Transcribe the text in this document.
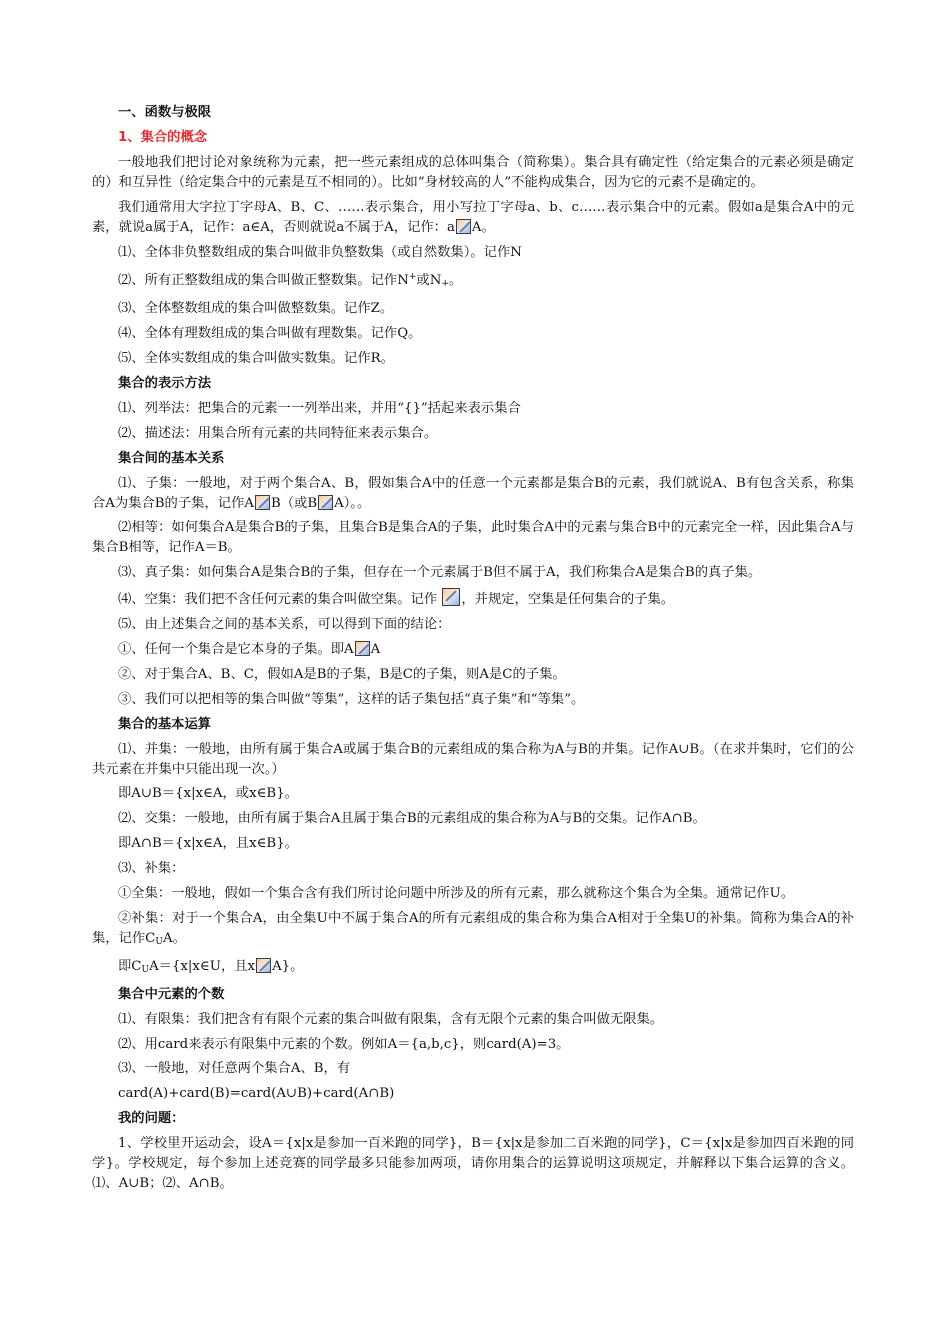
一、函数与极限
1、集合的概念
一般地我们把讨论对象统称为元素，把一些元素组成的总体叫集合（简称集）。集合具有确定性（给定集合的元素必须是确定的）和互异性（给定集合中的元素是互不相同的）。比如“身材较高的人”不能构成集合，因为它的元素不是确定的。
我们通常用大字拉丁字母A、B、C、……表示集合，用小写拉丁字母a、b、c……表示集合中的元素。假如a是集合A中的元素，就说a属于A，记作：a∈A，否则就说a不属于A，记作：a A。
⑴、全体非负整数组成的集合叫做非负整数集（或自然数集）。记作N
⑵、所有正整数组成的集合叫做正整数集。记作N+或$N_+$。
⑶、全体整数组成的集合叫做整数集。记作Z。
⑷、全体有理数组成的集合叫做有理数集。记作Q。
⑸、全体实数组成的集合叫做实数集。记作R。
集合的表示方法
⑴、列举法：把集合的元素一一列举出来，并用“{}”括起来表示集合
⑵、描述法：用集合所有元素的共同特征来表示集合。
集合间的基本关系
⑴、子集：一般地，对于两个集合A、B，假如集合A中的任意一个元素都是集合B的元素，我们就说A、B有包含关系，称集合A为集合B的子集，记作A B（或B A）。。
⑵相等：如何集合A是集合B的子集，且集合B是集合A的子集，此时集合A中的元素与集合B中的元素完全一样，因此集合A与集合B相等，记作A＝B。
⑶、真子集：如何集合A是集合B的子集，但存在一个元素属于B但不属于A，我们称集合A是集合B的真子集。
⑷、空集：我们把不含任何元素的集合叫做空集。记作 ，并规定，空集是任何集合的子集。
⑸、由上述集合之间的基本关系，可以得到下面的结论：
①、任何一个集合是它本身的子集。即A A
②、对于集合A、B、C，假如A是B的子集，B是C的子集，则A是C的子集。
③、我们可以把相等的集合叫做“等集”，这样的话子集包括“真子集”和“等集”。
集合的基本运算
⑴、并集：一般地，由所有属于集合A或属于集合B的元素组成的集合称为A与B的并集。记作A∪B。（在求并集时，它们的公共元素在并集中只能出现一次。）
即A∪B＝{x|x∈A，或x∈B}。
⑵、交集：一般地，由所有属于集合A且属于集合B的元素组成的集合称为A与B的交集。记作A∩B。
即A∩B＝{x|x∈A，且x∈B}。
⑶、补集：
①全集：一般地，假如一个集合含有我们所讨论问题中所涉及的所有元素，那么就称这个集合为全集。通常记作U。
②补集：对于一个集合A，由全集U中不属于集合A的所有元素组成的集合称为集合A相对于全集U的补集。简称为集合A的补集，记作$C_UA$。
即$C_UA=\{x|x\in U$，且x A}。
集合中元素的个数
⑴、有限集：我们把含有有限个元素的集合叫做有限集，含有无限个元素的集合叫做无限集。
⑵、用card来表示有限集中元素的个数。例如A＝{a,b,c}，则card(A)=3。
⑶、一般地，对任意两个集合A、B，有
card(A)+card(B)=card(A∪B)+card(A∩B)
我的问题：
1、学校里开运动会，设A＝{x|x是参加一百米跑的同学}，B＝{x|x是参加二百米跑的同学}，C＝{x|x是参加四百米跑的同学}。学校规定，每个参加上述竞赛的同学最多只能参加两项，请你用集合的运算说明这项规定，并解释以下集合运算的含义。⑴、A∪B；⑵、A∩B。
